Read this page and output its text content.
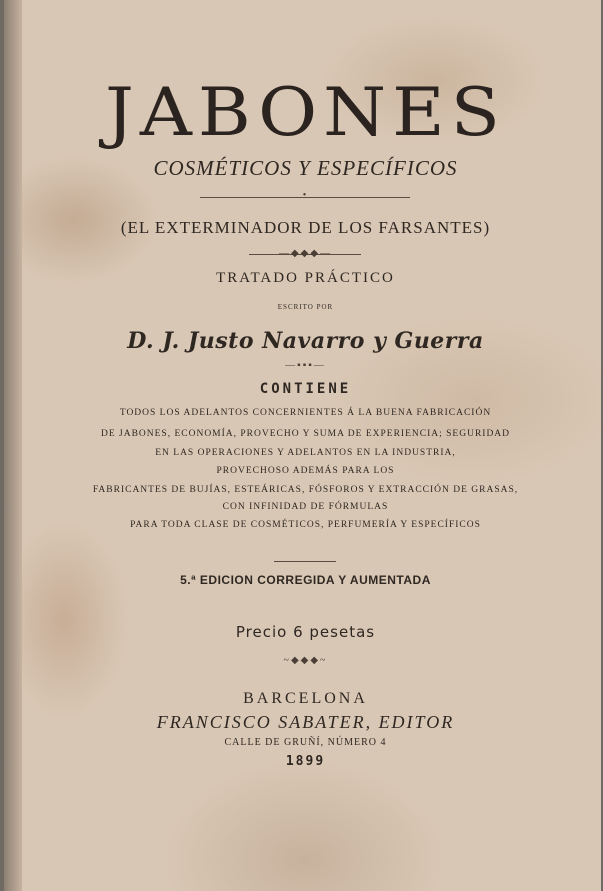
JABONES
COSMÉTICOS Y ESPECÍFICOS
•
(EL EXTERMINADOR DE LOS FARSANTES)
—◆◆◆—
TRATADO PRÁCTICO
ESCRITO POR
D. J. Justo Navarro y Guerra
—▪▪▪—
CONTIENE
TODOS LOS ADELANTOS CONCERNIENTES Á LA BUENA FABRICACIÓN
DE JABONES, ECONOMÍA, PROVECHO Y SUMA DE EXPERIENCIA; SEGURIDAD
EN LAS OPERACIONES Y ADELANTOS EN LA INDUSTRIA,
PROVECHOSO ADEMÁS PARA LOS
FABRICANTES DE BUJÍAS, ESTEÁRICAS, FÓSFOROS Y EXTRACCIÓN DE GRASAS,
CON INFINIDAD DE FÓRMULAS
PARA TODA CLASE DE COSMÉTICOS, PERFUMERÍA Y ESPECÍFICOS
5.ª EDICION CORREGIDA Y AUMENTADA
Precio 6 pesetas
~◆◆◆~
BARCELONA
FRANCISCO SABATER, EDITOR
CALLE DE GRUÑÍ, NÚMERO 4
1899
